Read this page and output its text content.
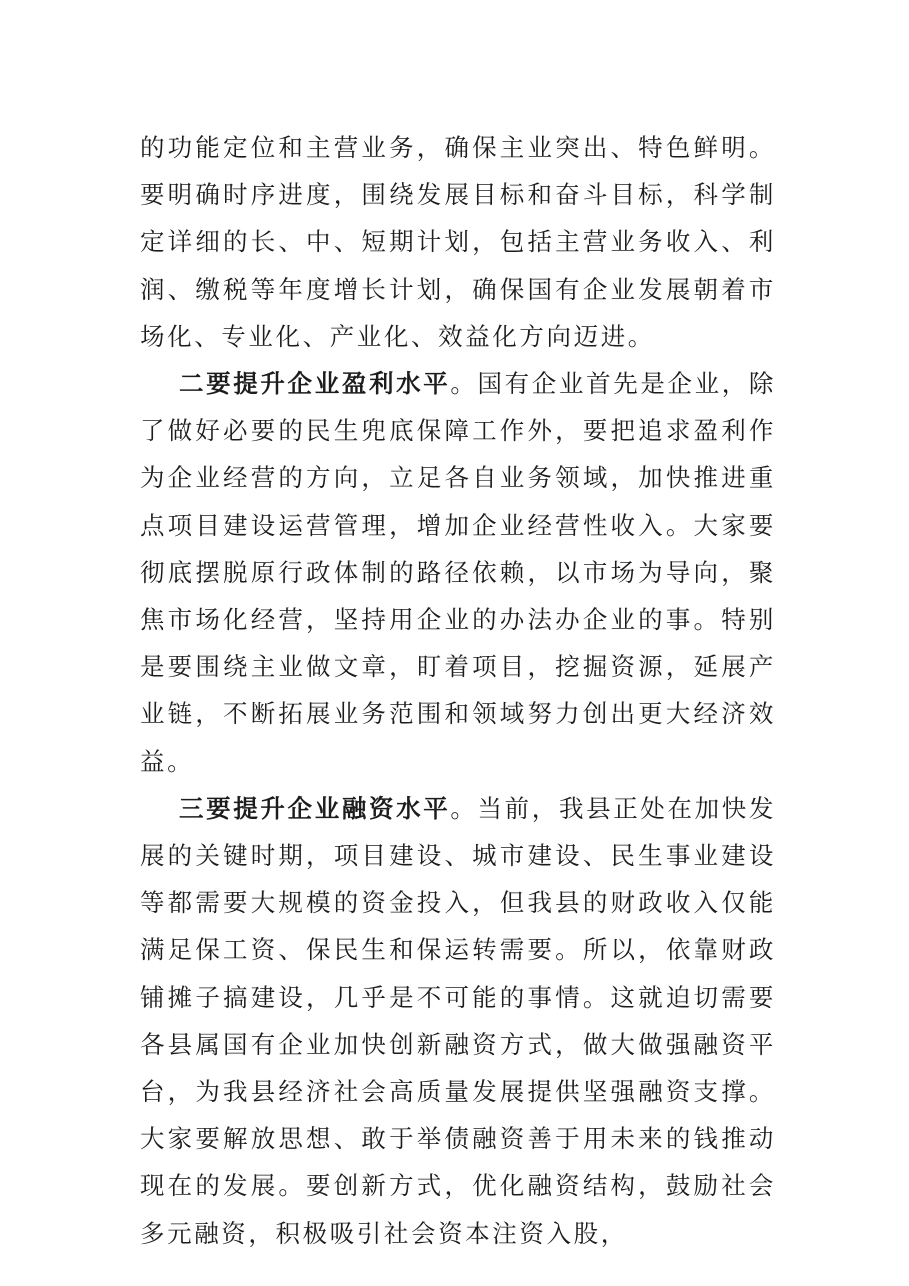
的功能定位和主营业务，确保主业突出、特色鲜明。要明确时序进度，围绕发展目标和奋斗目标，科学制定详细的长、中、短期计划，包括主营业务收入、利润、缴税等年度增长计划，确保国有企业发展朝着市场化、专业化、产业化、效益化方向迈进。

二要提升企业盈利水平。国有企业首先是企业，除了做好必要的民生兜底保障工作外，要把追求盈利作为企业经营的方向，立足各自业务领域，加快推进重点项目建设运营管理，增加企业经营性收入。大家要彻底摆脱原行政体制的路径依赖，以市场为导向，聚焦市场化经营，坚持用企业的办法办企业的事。特别是要围绕主业做文章，盯着项目，挖掘资源，延展产业链，不断拓展业务范围和领域努力创出更大经济效益。

三要提升企业融资水平。当前，我县正处在加快发展的关键时期，项目建设、城市建设、民生事业建设等都需要大规模的资金投入，但我县的财政收入仅能满足保工资、保民生和保运转需要。所以，依靠财政铺摊子搞建设，几乎是不可能的事情。这就迫切需要各县属国有企业加快创新融资方式，做大做强融资平台，为我县经济社会高质量发展提供坚强融资支撑。大家要解放思想、敢于举债融资善于用未来的钱推动现在的发展。要创新方式，优化融资结构，鼓励社会多元融资，积极吸引社会资本注资入股，
